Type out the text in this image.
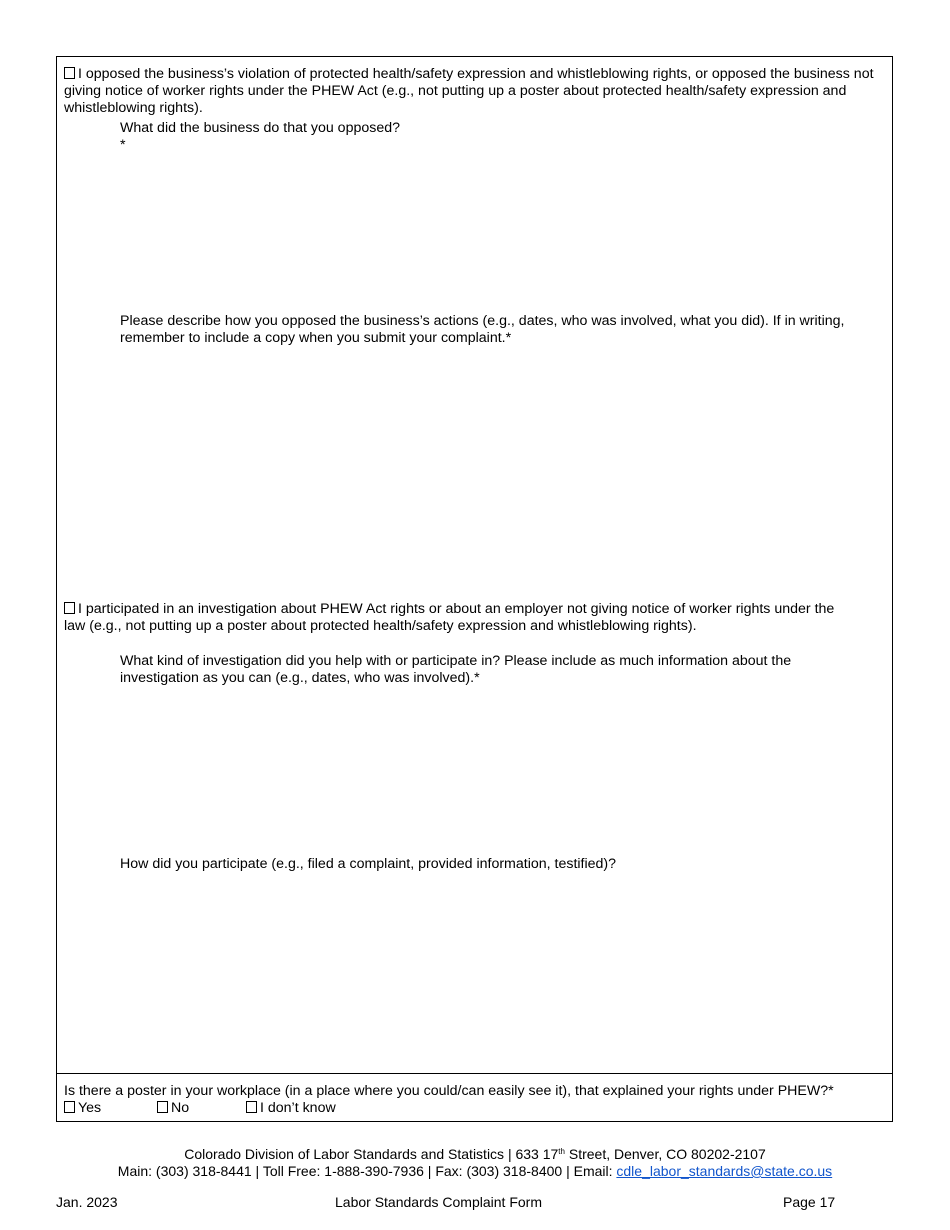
I opposed the business’s violation of protected health/safety expression and whistleblowing rights, or opposed the business not giving notice of worker rights under the PHEW Act (e.g., not putting up a poster about protected health/safety expression and whistleblowing rights).
What did the business do that you opposed?
*
Please describe how you opposed the business’s actions (e.g., dates, who was involved, what you did). If in writing, remember to include a copy when you submit your complaint.*
I participated in an investigation about PHEW Act rights or about an employer not giving notice of worker rights under the law (e.g., not putting up a poster about protected health/safety expression and whistleblowing rights).
What kind of investigation did you help with or participate in? Please include as much information about the investigation as you can (e.g., dates, who was involved).*
How did you participate (e.g., filed a complaint, provided information, testified)?
Is there a poster in your workplace (in a place where you could/can easily see it), that explained your rights under PHEW?*
Yes	No	I don’t know
Colorado Division of Labor Standards and Statistics | 633 17th Street, Denver, CO 80202-2107
Main: (303) 318-8441 | Toll Free: 1-888-390-7936 | Fax: (303) 318-8400 | Email: cdle_labor_standards@state.co.us
Jan. 2023	Labor Standards Complaint Form	Page 17
